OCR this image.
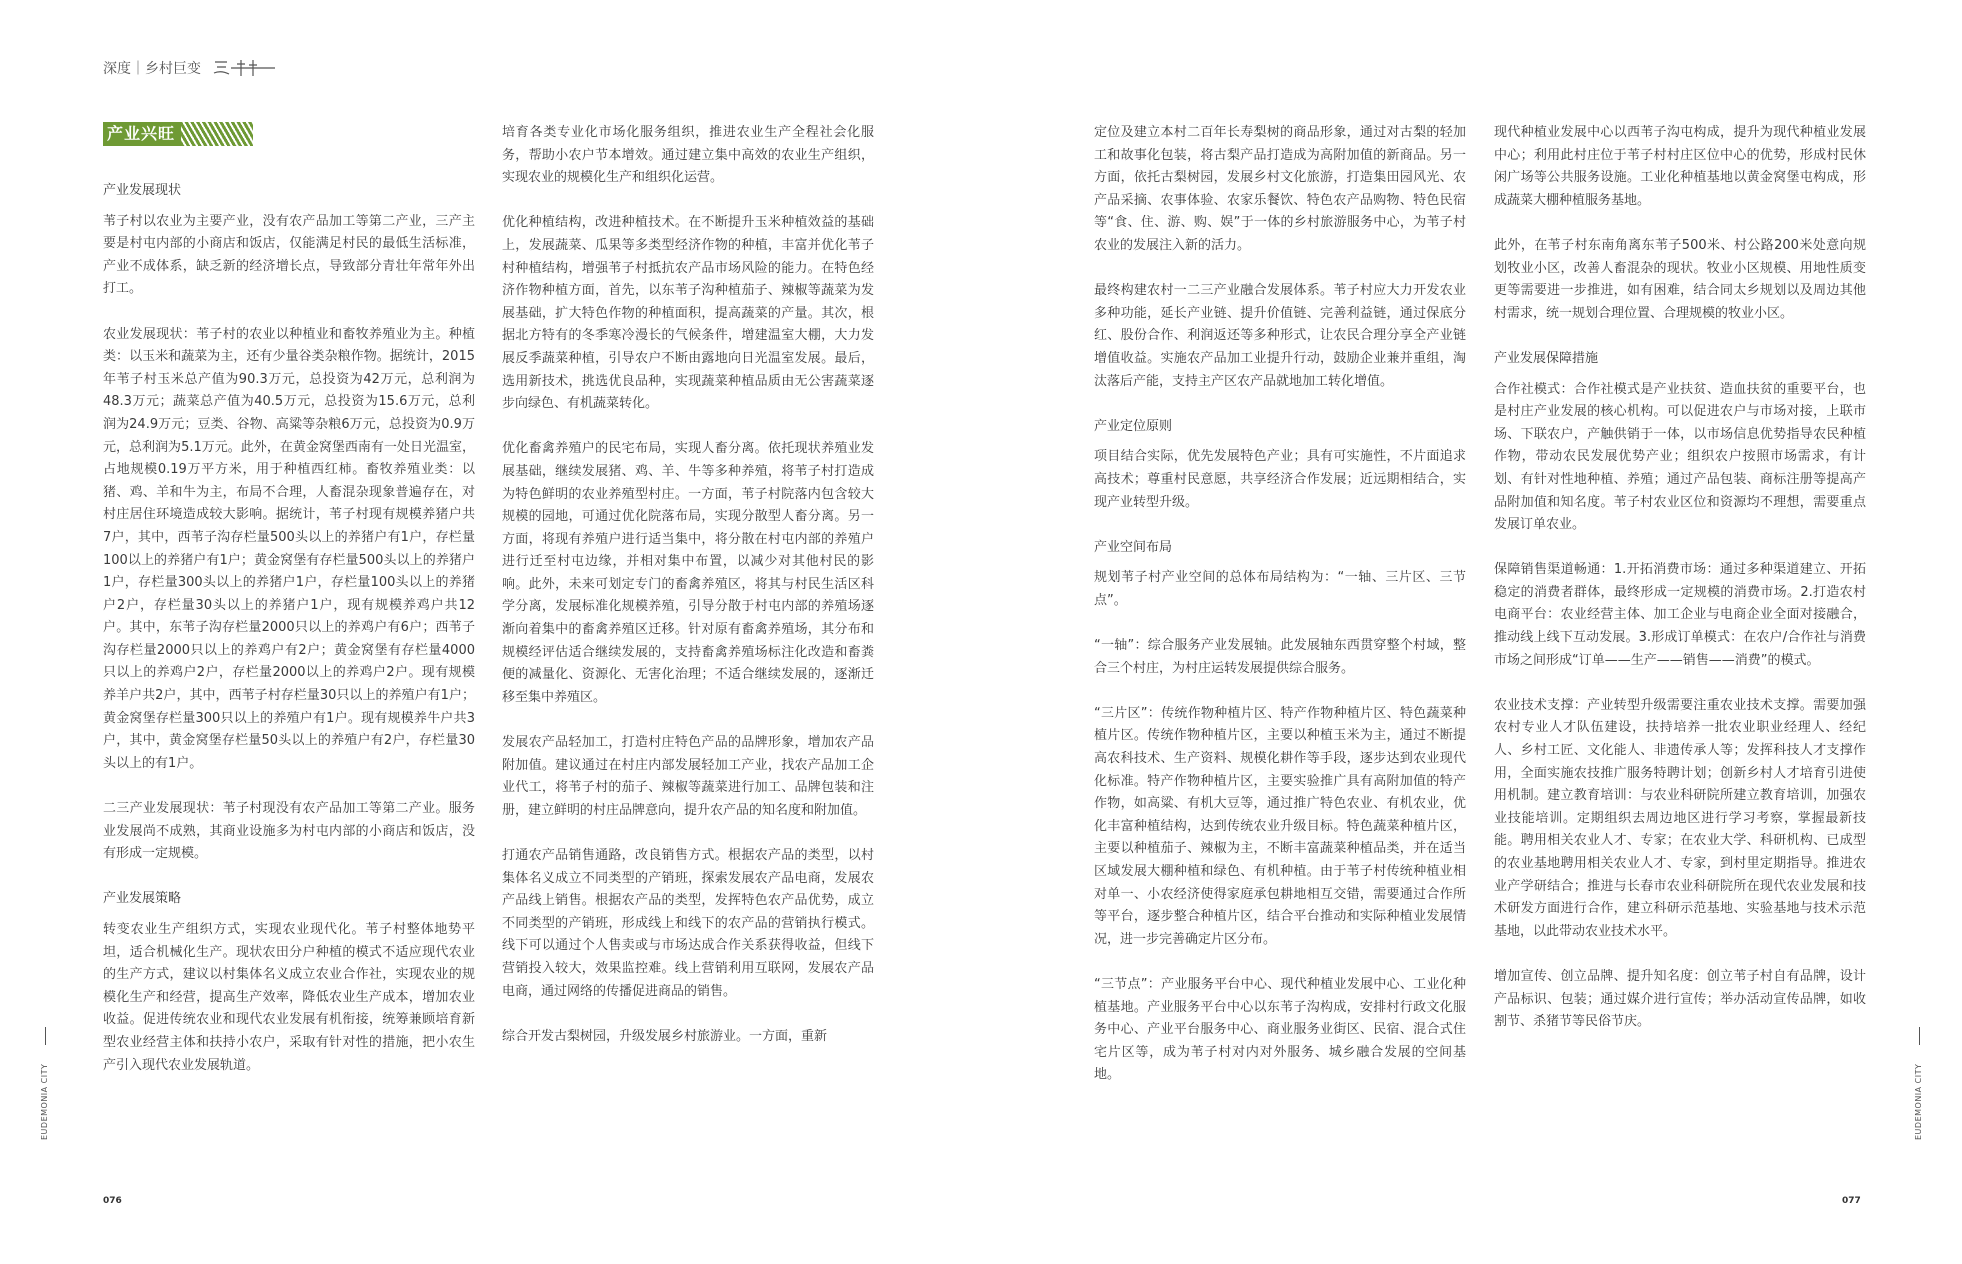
深度｜乡村巨变
产业兴旺
产业发展现状

苇子村以农业为主要产业，没有农产品加工等第二产业，三产主要是村屯内部的小商店和饭店，仅能满足村民的最低生活标准，产业不成体系，缺乏新的经济增长点，导致部分青壮年常年外出打工。

农业发展现状：苇子村的农业以种植业和畜牧养殖业为主。种植类：以玉米和蔬菜为主，还有少量谷类杂粮作物。据统计，2015年苇子村玉米总产值为90.3万元，总投资为42万元，总利润为48.3万元；蔬菜总产值为40.5万元，总投资为15.6万元，总利润为24.9万元；豆类、谷物、高粱等杂粮6万元，总投资为0.9万元，总利润为5.1万元。此外，在黄金窝堡西南有一处日光温室，占地规模0.19万平方米，用于种植西红柿。畜牧养殖业类：以猪、鸡、羊和牛为主，布局不合理，人畜混杂现象普遍存在，对村庄居住环境造成较大影响。据统计，苇子村现有规模养猪户共7户，其中，西苇子沟存栏量500头以上的养猪户有1户，存栏量100以上的养猪户有1户；黄金窝堡有存栏量500头以上的养猪户1户，存栏量300头以上的养猪户1户，存栏量100头以上的养猪户2户，存栏量30头以上的养猪户1户，现有规模养鸡户共12户。其中，东苇子沟存栏量2000只以上的养鸡户有6户；西苇子沟存栏量2000只以上的养鸡户有2户；黄金窝堡有存栏量4000只以上的养鸡户2户，存栏量2000以上的养鸡户2户。现有规模养羊户共2户，其中，西苇子村存栏量30只以上的养殖户有1户；黄金窝堡存栏量300只以上的养殖户有1户。现有规模养牛户共3户，其中，黄金窝堡存栏量50头以上的养殖户有2户，存栏量30头以上的有1户。

二三产业发展现状：苇子村现没有农产品加工等第二产业。服务业发展尚不成熟，其商业设施多为村屯内部的小商店和饭店，没有形成一定规模。

产业发展策略

转变农业生产组织方式，实现农业现代化。苇子村整体地势平坦，适合机械化生产。现状农田分户种植的模式不适应现代农业的生产方式，建议以村集体名义成立农业合作社，实现农业的规模化生产和经营，提高生产效率，降低农业生产成本，增加农业收益。促进传统农业和现代农业发展有机衔接，统筹兼顾培育新型农业经营主体和扶持小农户，采取有针对性的措施，把小农生产引入现代农业发展轨道。

培育各类专业化市场化服务组织，推进农业生产全程社会化服务，帮助小农户节本增效。通过建立集中高效的农业生产组织，实现农业的规模化生产和组织化运营。

优化种植结构，改进种植技术。在不断提升玉米种植效益的基础上，发展蔬菜、瓜果等多类型经济作物的种植，丰富并优化苇子村种植结构，增强苇子村抵抗农产品市场风险的能力。在特色经济作物种植方面，首先，以东苇子沟种植茄子、辣椒等蔬菜为发展基础，扩大特色作物的种植面积，提高蔬菜的产量。其次，根据北方特有的冬季寒冷漫长的气候条件，增建温室大棚，大力发展反季蔬菜种植，引导农户不断由露地向日光温室发展。最后，选用新技术，挑选优良品种，实现蔬菜种植品质由无公害蔬菜逐步向绿色、有机蔬菜转化。

优化畜禽养殖户的民宅布局，实现人畜分离。依托现状养殖业发展基础，继续发展猪、鸡、羊、牛等多种养殖，将苇子村打造成为特色鲜明的农业养殖型村庄。一方面，苇子村院落内包含较大规模的园地，可通过优化院落布局，实现分散型人畜分离。另一方面，将现有养殖户进行适当集中，将分散在村屯内部的养殖户进行迁至村屯边缘，并相对集中布置，以减少对其他村民的影响。此外，未来可划定专门的畜禽养殖区，将其与村民生活区科学分离，发展标准化规模养殖，引导分散于村屯内部的养殖场逐渐向着集中的畜禽养殖区迁移。针对原有畜禽养殖场，其分布和规模经评估适合继续发展的，支持畜禽养殖场标注化改造和畜粪便的减量化、资源化、无害化治理；不适合继续发展的，逐渐迁移至集中养殖区。

发展农产品轻加工，打造村庄特色产品的品牌形象，增加农产品附加值。建议通过在村庄内部发展轻加工产业，找农产品加工企业代工，将苇子村的茄子、辣椒等蔬菜进行加工、品牌包装和注册，建立鲜明的村庄品牌意向，提升农产品的知名度和附加值。

打通农产品销售通路，改良销售方式。根据农产品的类型，以村集体名义成立不同类型的产销班，探索发展农产品电商，发展农产品线上销售。根据农产品的类型，发挥特色农产品优势，成立不同类型的产销班，形成线上和线下的农产品的营销执行模式。线下可以通过个人售卖或与市场达成合作关系获得收益，但线下营销投入较大，效果监控难。线上营销利用互联网，发展农产品电商，通过网络的传播促进商品的销售。

综合开发古梨树园，升级发展乡村旅游业。一方面，重新

定位及建立本村二百年长寿梨树的商品形象，通过对古梨的轻加工和故事化包装，将古梨产品打造成为高附加值的新商品。另一方面，依托古梨树园，发展乡村文化旅游，打造集田园风光、农产品采摘、农事体验、农家乐餐饮、特色农产品购物、特色民宿等“食、住、游、购、娱”于一体的乡村旅游服务中心，为苇子村农业的发展注入新的活力。

最终构建农村一二三产业融合发展体系。苇子村应大力开发农业多种功能，延长产业链、提升价值链、完善利益链，通过保底分红、股份合作、利润返还等多种形式，让农民合理分享全产业链增值收益。实施农产品加工业提升行动，鼓励企业兼并重组，淘汰落后产能，支持主产区农产品就地加工转化增值。

产业定位原则

项目结合实际，优先发展特色产业；具有可实施性，不片面追求高技术；尊重村民意愿，共享经济合作发展；近远期相结合，实现产业转型升级。

产业空间布局

规划苇子村产业空间的总体布局结构为：“一轴、三片区、三节点”。

“一轴”：综合服务产业发展轴。此发展轴东西贯穿整个村域，整合三个村庄，为村庄运转发展提供综合服务。

“三片区”：传统作物种植片区、特产作物种植片区、特色蔬菜种植片区。传统作物种植片区，主要以种植玉米为主，通过不断提高农科技术、生产资料、规模化耕作等手段，逐步达到农业现代化标准。特产作物种植片区，主要实验推广具有高附加值的特产作物，如高粱、有机大豆等，通过推广特色农业、有机农业，优化丰富种植结构，达到传统农业升级目标。特色蔬菜种植片区，主要以种植茄子、辣椒为主，不断丰富蔬菜种植品类，并在适当区域发展大棚种植和绿色、有机种植。由于苇子村传统种植业相对单一、小农经济使得家庭承包耕地相互交错，需要通过合作所等平台，逐步整合种植片区，结合平台推动和实际种植业发展情况，进一步完善确定片区分布。

“三节点”：产业服务平台中心、现代种植业发展中心、工业化种植基地。产业服务平台中心以东苇子沟构成，安排村行政文化服务中心、产业平台服务中心、商业服务业街区、民宿、混合式住宅片区等，成为苇子村对内对外服务、城乡融合发展的空间基地。

现代种植业发展中心以西苇子沟屯构成，提升为现代种植业发展中心；利用此村庄位于苇子村村庄区位中心的优势，形成村民休闲广场等公共服务设施。工业化种植基地以黄金窝堡屯构成，形成蔬菜大棚种植服务基地。

此外，在苇子村东南角离东苇子500米、村公路200米处意向规划牧业小区，改善人畜混杂的现状。牧业小区规模、用地性质变更等需要进一步推进，如有困难，结合同太乡规划以及周边其他村需求，统一规划合理位置、合理规模的牧业小区。

产业发展保障措施

合作社模式：合作社模式是产业扶贫、造血扶贫的重要平台，也是村庄产业发展的核心机构。可以促进农户与市场对接，上联市场、下联农户，产触供销于一体，以市场信息优势指导农民种植作物，带动农民发展优势产业；组织农户按照市场需求，有计划、有针对性地种植、养殖；通过产品包装、商标注册等提高产品附加值和知名度。苇子村农业区位和资源均不理想，需要重点发展订单农业。

保障销售渠道畅通：1.开拓消费市场：通过多种渠道建立、开拓稳定的消费者群体，最终形成一定规模的消费市场。2.打造农村电商平台：农业经营主体、加工企业与电商企业全面对接融合，推动线上线下互动发展。3.形成订单模式：在农户/合作社与消费市场之间形成“订单——生产——销售——消费”的模式。

农业技术支撑：产业转型升级需要注重农业技术支撑。需要加强农村专业人才队伍建设，扶持培养一批农业职业经理人、经纪人、乡村工匠、文化能人、非遗传承人等；发挥科技人才支撑作用，全面实施农技推广服务特聘计划；创新乡村人才培育引进使用机制。建立教育培训：与农业科研院所建立教育培训，加强农业技能培训。定期组织去周边地区进行学习考察，掌握最新技能。聘用相关农业人才、专家；在农业大学、科研机构、已成型的农业基地聘用相关农业人才、专家，到村里定期指导。推进农业产学研结合；推进与长春市农业科研院所在现代农业发展和技术研发方面进行合作，建立科研示范基地、实验基地与技术示范基地，以此带动农业技术水平。

增加宣传、创立品牌、提升知名度：创立苇子村自有品牌，设计产品标识、包装；通过媒介进行宣传；举办活动宣传品牌，如收割节、杀猪节等民俗节庆。

EUDEMONIA CITY	EUDEMONIA CITY
076	077
